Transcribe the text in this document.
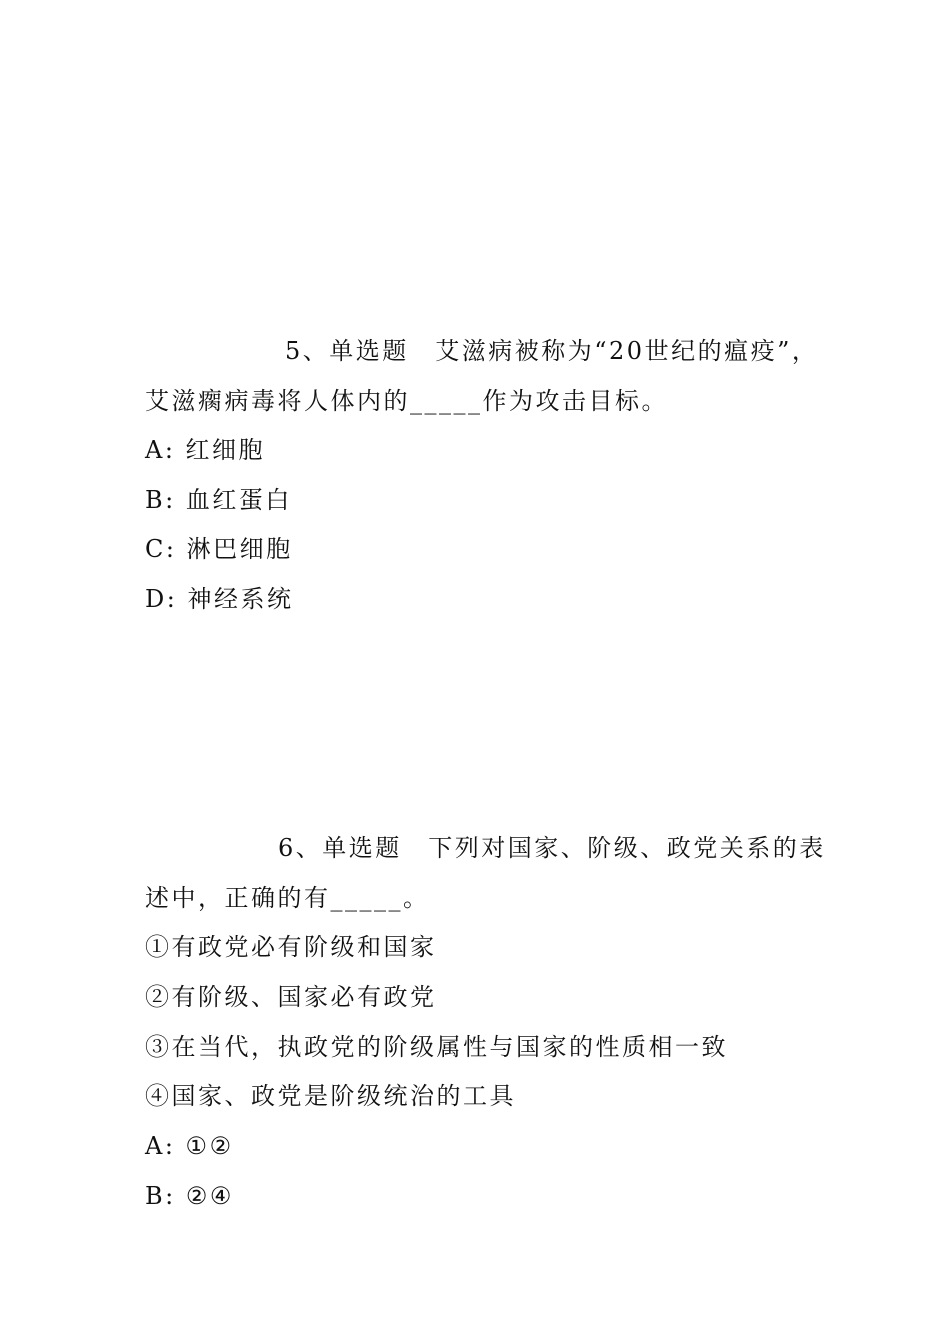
5、单选题　艾滋病被称为“20世纪的瘟疫”，
艾滋瘸病毒将人体内的_____作为攻击目标。
A: 红细胞
B: 血红蛋白
C: 淋巴细胞
D: 神经系统
6、单选题　下列对国家、阶级、政党关系的表
述中，正确的有_____。
①有政党必有阶级和国家
②有阶级、国家必有政党
③在当代，执政党的阶级属性与国家的性质相一致
④国家、政党是阶级统治的工具
A: ①②
B: ②④
